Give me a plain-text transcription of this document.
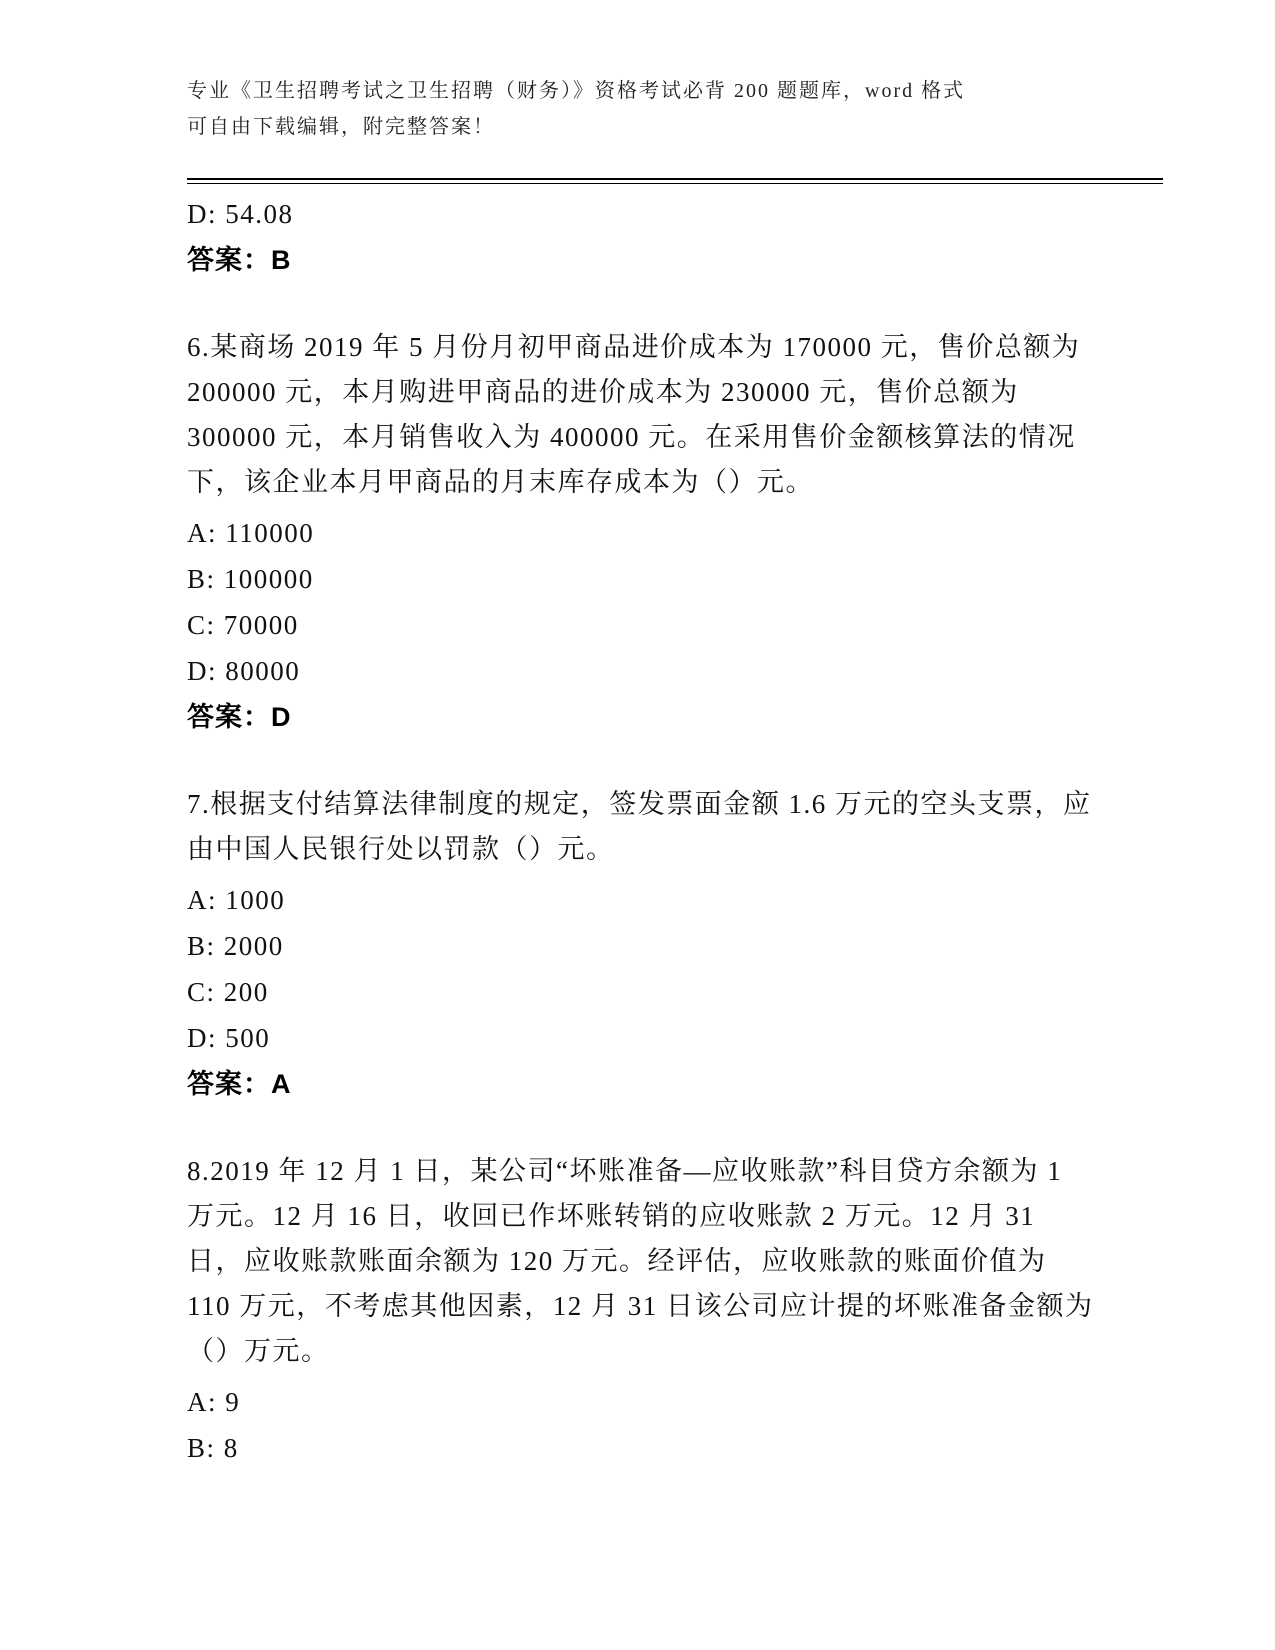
专业《卫生招聘考试之卫生招聘（财务）》资格考试必背 200 题题库，word 格式
可自由下载编辑，附完整答案！
D: 54.08
答案：B
6.某商场 2019 年 5 月份月初甲商品进价成本为 170000 元，售价总额为 200000 元，本月购进甲商品的进价成本为 230000 元，售价总额为 300000 元，本月销售收入为 400000 元。在采用售价金额核算法的情况下，该企业本月甲商品的月末库存成本为（）元。
A: 110000
B: 100000
C: 70000
D: 80000
答案：D
7.根据支付结算法律制度的规定，签发票面金额 1.6 万元的空头支票，应由中国人民银行处以罚款（）元。
A: 1000
B: 2000
C: 200
D: 500
答案：A
8.2019 年 12 月 1 日，某公司“坏账准备—应收账款”科目贷方余额为 1 万元。12 月 16 日，收回已作坏账转销的应收账款 2 万元。12 月 31 日，应收账款账面余额为 120 万元。经评估，应收账款的账面价值为 110 万元，不考虑其他因素，12 月 31 日该公司应计提的坏账准备金额为（）万元。
A: 9
B: 8
